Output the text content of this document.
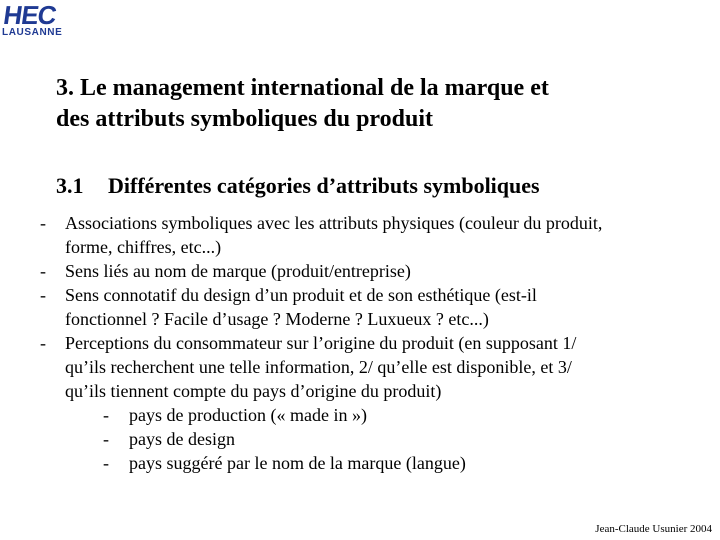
HEC
LAUSANNE
3. Le management international de la marque et
des attributs symboliques du produit
3.1 Différentes catégories d’attributs symboliques
- Associations symboliques avec les attributs physiques (couleur du produit,
forme, chiffres, etc...)
- Sens liés au nom de marque (produit/entreprise)
- Sens connotatif du design d’un produit et de son esthétique (est-il
fonctionnel ? Facile d’usage ? Moderne ? Luxueux ? etc...)
- Perceptions du consommateur sur l’origine du produit (en supposant 1/
qu’ils recherchent une telle information, 2/ qu’elle est disponible, et 3/
qu’ils tiennent compte du pays d’origine du produit)
- pays de production (« made in »)
- pays de design
- pays suggéré par le nom de la marque (langue)
Jean-Claude Usunier 2004
